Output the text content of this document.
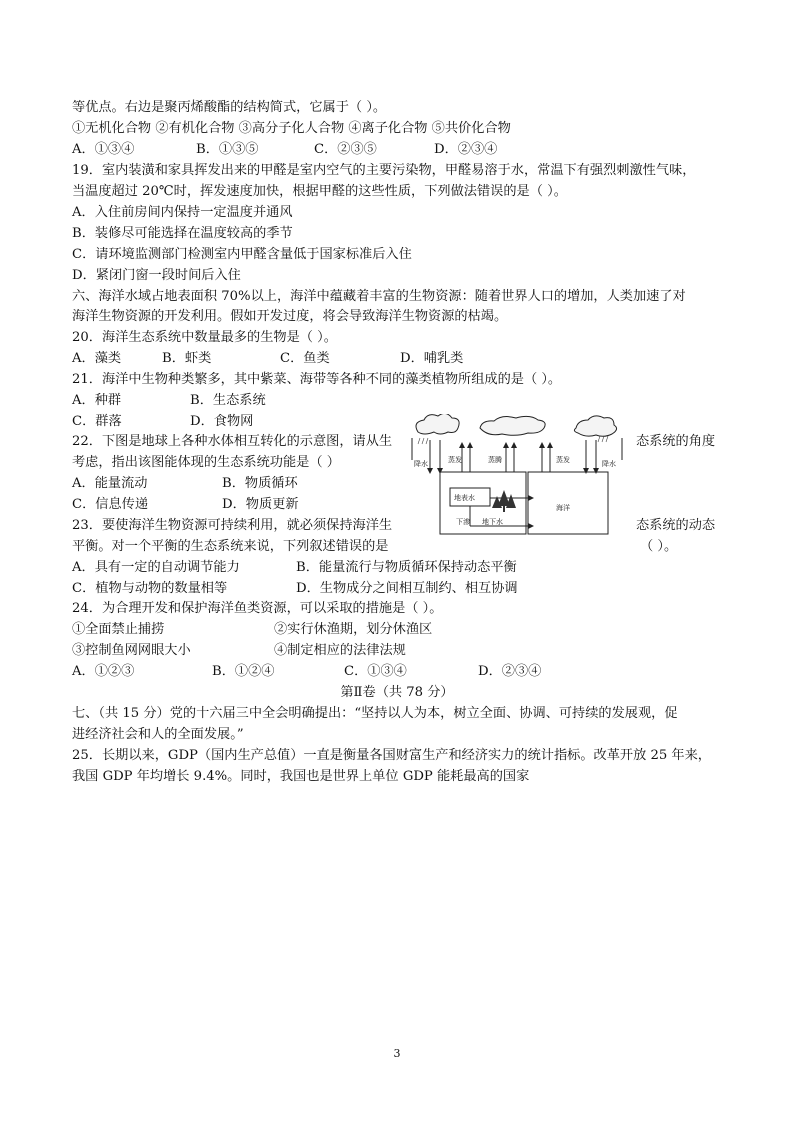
等优点。右边是聚丙烯酸酯的结构简式，它属于（ ）。
①无机化合物 ②有机化合物 ③高分子化人合物 ④离子化合物 ⑤共价化合物
A．①③④	B．①③⑤	C．②③⑤	D．②③④
19．室内装潢和家具挥发出来的甲醛是室内空气的主要污染物，甲醛易溶于水，常温下有强烈刺激性气味，
当温度超过 20℃时，挥发速度加快，根据甲醛的这些性质，下列做法错误的是（ ）。
A．入住前房间内保持一定温度并通风
B．装修尽可能选择在温度较高的季节
C．请环境监测部门检测室内甲醛含量低于国家标准后入住
D．紧闭门窗一段时间后入住
六、海洋水域占地表面积 70%以上，海洋中蕴藏着丰富的生物资源：随着世界人口的增加，人类加速了对
海洋生物资源的开发利用。假如开发过度，将会导致海洋生物资源的枯竭。
20．海洋生态系统中数量最多的生物是（ ）。
A．藻类	B．虾类	C．鱼类	D．哺乳类
21．海洋中生物种类繁多，其中紫菜、海带等各种不同的藻类植物所组成的是（ ）。
A．种群	B．生态系统
C．群落	D．食物网
22．下图是地球上各种水体相互转化的示意图，请从生	态系统的角度
考虑，指出该图能体现的生态系统功能是（ ）
A．能量流动	B．物质循环
C．信息传递	D．物质更新
降水	蒸发	蒸腾	蒸发	降水
地表水
下渗 地下水
海洋
23．要使海洋生物资源可持续利用，就必须保持海洋生	态系统的动态
平衡。对一个平衡的生态系统来说，下列叙述错误的是	（ ）。
A．具有一定的自动调节能力	B．能量流行与物质循环保持动态平衡
C．植物与动物的数量相等	D．生物成分之间相互制约、相互协调
24．为合理开发和保护海洋鱼类资源，可以采取的措施是（ ）。
①全面禁止捕捞	②实行休渔期，划分休渔区
③控制鱼网网眼大小	④制定相应的法律法规
A．①②③	B．①②④	C．①③④	D．②③④
第Ⅱ卷（共 78 分）
七、（共 15 分）党的十六届三中全会明确提出：“坚持以人为本，树立全面、协调、可持续的发展观，促
进经济社会和人的全面发展。”
25．长期以来，GDP（国内生产总值）一直是衡量各国财富生产和经济实力的统计指标。改革开放 25 年来，
我国 GDP 年均增长 9.4%。同时，我国也是世界上单位 GDP 能耗最高的国家
3
